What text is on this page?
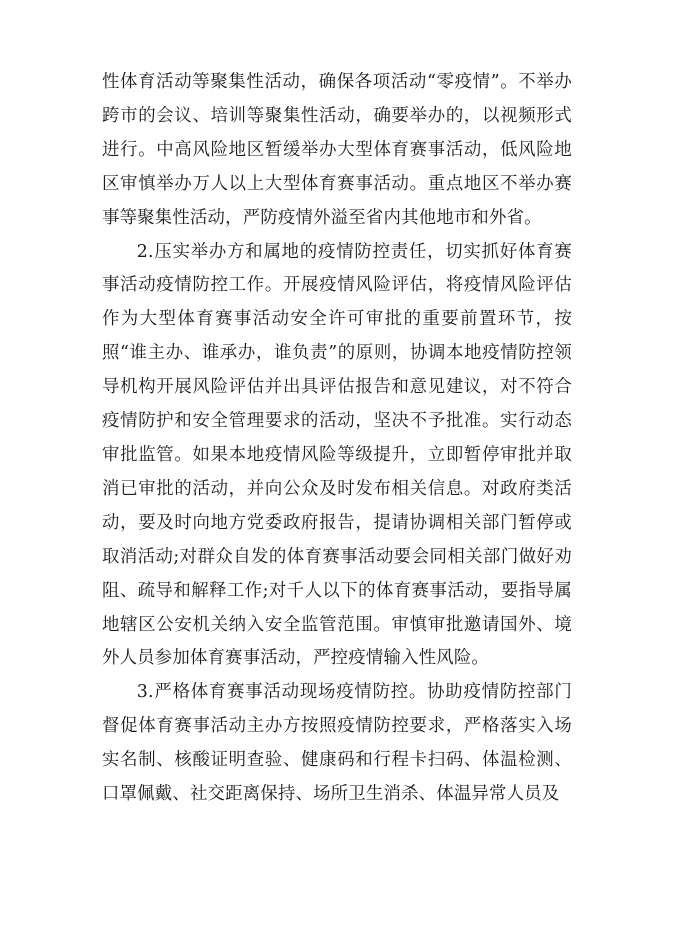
性体育活动等聚集性活动，确保各项活动“零疫情”。不举办跨市的会议、培训等聚集性活动，确要举办的，以视频形式进行。中高风险地区暂缓举办大型体育赛事活动，低风险地区审慎举办万人以上大型体育赛事活动。重点地区不举办赛事等聚集性活动，严防疫情外溢至省内其他地市和外省。

2.压实举办方和属地的疫情防控责任，切实抓好体育赛事活动疫情防控工作。开展疫情风险评估，将疫情风险评估作为大型体育赛事活动安全许可审批的重要前置环节，按照“谁主办、谁承办，谁负责”的原则，协调本地疫情防控领导机构开展风险评估并出具评估报告和意见建议，对不符合疫情防护和安全管理要求的活动，坚决不予批准。实行动态审批监管。如果本地疫情风险等级提升，立即暂停审批并取消已审批的活动，并向公众及时发布相关信息。对政府类活动，要及时向地方党委政府报告，提请协调相关部门暂停或取消活动;对群众自发的体育赛事活动要会同相关部门做好劝阻、疏导和解释工作;对千人以下的体育赛事活动，要指导属地辖区公安机关纳入安全监管范围。审慎审批邀请国外、境外人员参加体育赛事活动，严控疫情输入性风险。

3.严格体育赛事活动现场疫情防控。协助疫情防控部门督促体育赛事活动主办方按照疫情防控要求，严格落实入场实名制、核酸证明查验、健康码和行程卡扫码、体温检测、口罩佩戴、社交距离保持、场所卫生消杀、体温异常人员及
